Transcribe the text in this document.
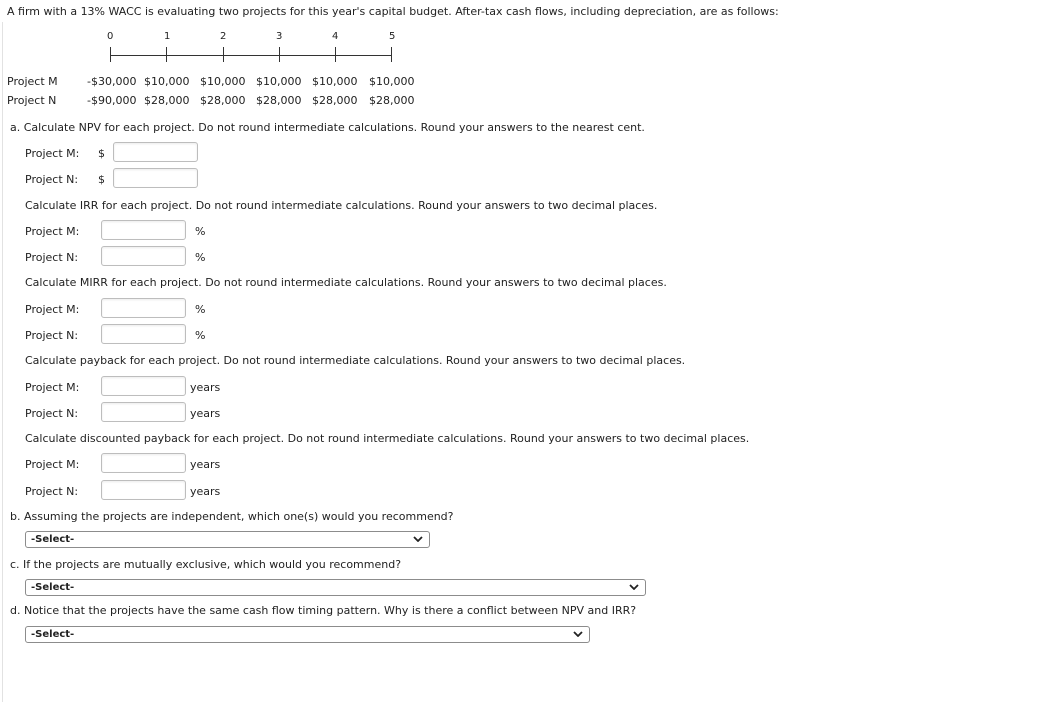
A firm with a 13% WACC is evaluating two projects for this year's capital budget. After-tax cash flows, including depreciation, are as follows:
0	1	2	3	4	5
Project M	-$30,000 $10,000 $10,000 $10,000 $10,000 $10,000
Project N	-$90,000 $28,000 $28,000 $28,000 $28,000 $28,000
a. Calculate NPV for each project. Do not round intermediate calculations. Round your answers to the nearest cent.
Project M: $
Project N: $
Calculate IRR for each project. Do not round intermediate calculations. Round your answers to two decimal places.
Project M:	%
Project N:	%
Calculate MIRR for each project. Do not round intermediate calculations. Round your answers to two decimal places.
Project M:	%
Project N:	%
Calculate payback for each project. Do not round intermediate calculations. Round your answers to two decimal places.
Project M:	years
Project N:	years
Calculate discounted payback for each project. Do not round intermediate calculations. Round your answers to two decimal places.
Project M:	years
Project N:	years
b. Assuming the projects are independent, which one(s) would you recommend?
-Select-
c. If the projects are mutually exclusive, which would you recommend?
-Select-
d. Notice that the projects have the same cash flow timing pattern. Why is there a conflict between NPV and IRR?
-Select-
